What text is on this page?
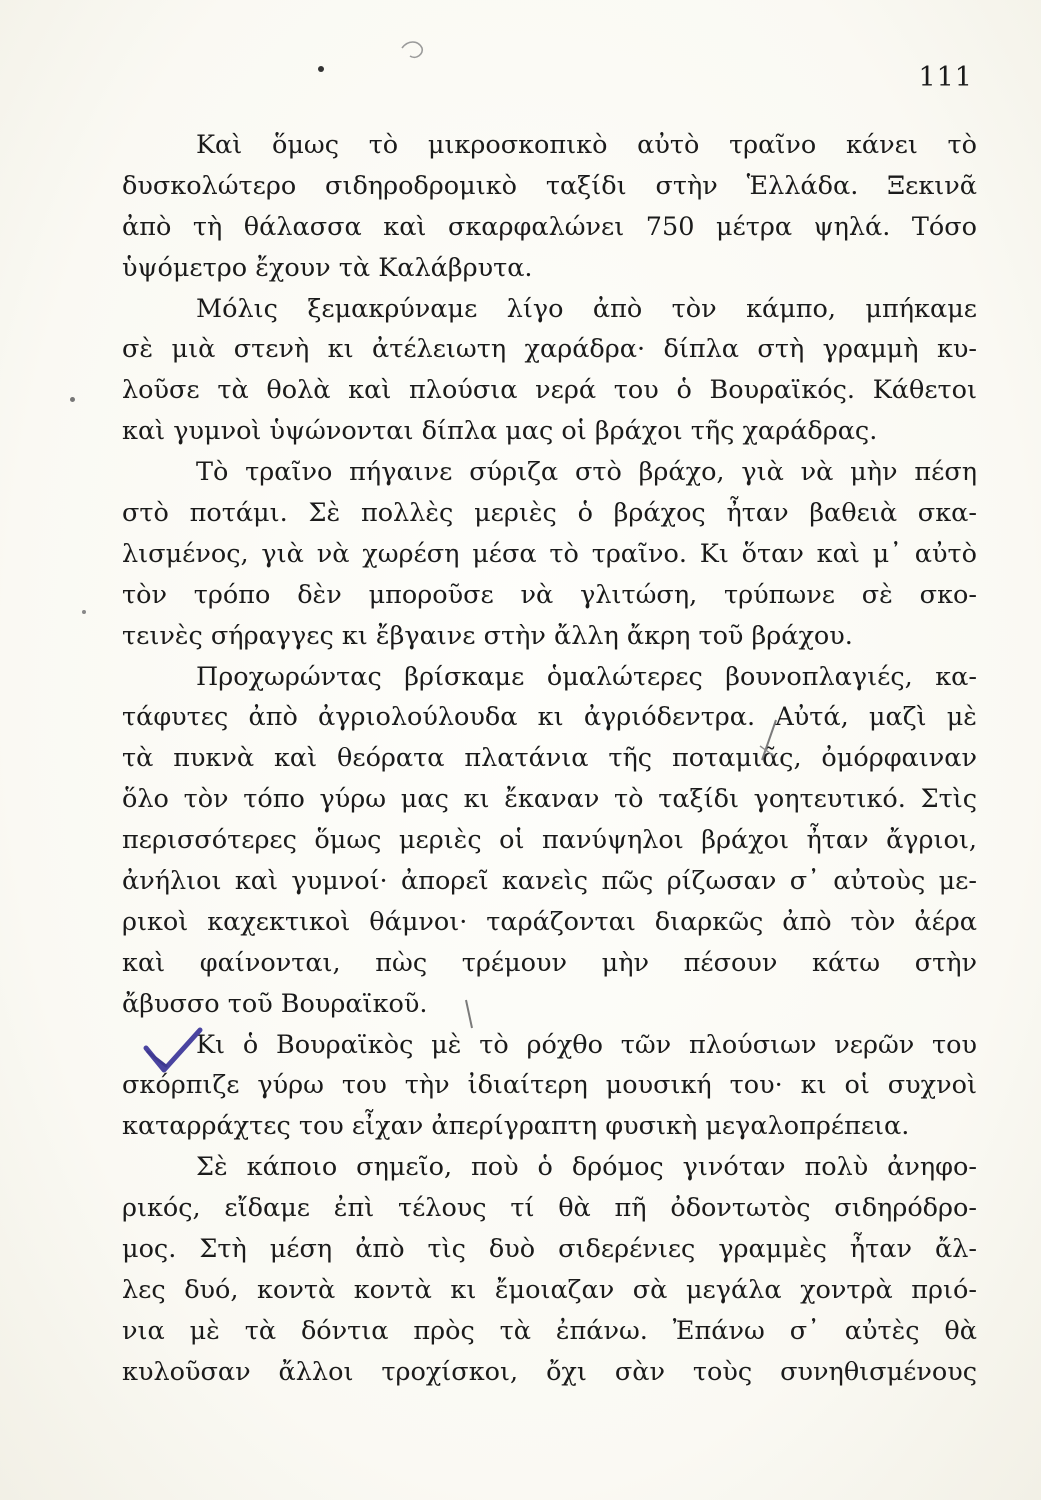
111
Καὶ ὅμως τὸ μικροσκοπικὸ αὐτὸ τραῖνο κάνει τὸ
δυσκολώτερο σιδηροδρομικὸ ταξίδι στὴν Ἑλλάδα. Ξεκινᾶ
ἀπὸ τὴ θάλασσα καὶ σκαρφαλώνει 750 μέτρα ψηλά. Τόσο
ὑψόμετρο ἔχουν τὰ Καλάβρυτα.
Μόλις ξεμακρύναμε λίγο ἀπὸ τὸν κάμπο, μπήκαμε
σὲ μιὰ στενὴ κι ἀτέλειωτη χαράδρα· δίπλα στὴ γραμμὴ κυ-
λοῦσε τὰ θολὰ καὶ πλούσια νερά του ὁ Βουραϊκός. Κάθετοι
καὶ γυμνοὶ ὑψώνονται δίπλα μας οἱ βράχοι τῆς χαράδρας.
Τὸ τραῖνο πήγαινε σύριζα στὸ βράχο, γιὰ νὰ μὴν πέση
στὸ ποτάμι. Σὲ πολλὲς μεριὲς ὁ βράχος ἦταν βαθειὰ σκα-
λισμένος, γιὰ νὰ χωρέση μέσα τὸ τραῖνο. Κι ὅταν καὶ μ᾿ αὐτὸ
τὸν τρόπο δὲν μποροῦσε νὰ γλιτώση, τρύπωνε σὲ σκο-
τεινὲς σήραγγες κι ἔβγαινε στὴν ἄλλη ἄκρη τοῦ βράχου.
Προχωρώντας βρίσκαμε ὁμαλώτερες βουνοπλαγιές, κα-
τάφυτες ἀπὸ ἀγριολούλουδα κι ἀγριόδεντρα. Αὐτά, μαζὶ μὲ
τὰ πυκνὰ καὶ θεόρατα πλατάνια τῆς ποταμιᾶς, ὀμόρφαιναν
ὅλο τὸν τόπο γύρω μας κι ἔκαναν τὸ ταξίδι γοητευτικό. Στὶς
περισσότερες ὅμως μεριὲς οἱ πανύψηλοι βράχοι ἦταν ἄγριοι,
ἀνήλιοι καὶ γυμνοί· ἀπορεῖ κανεὶς πῶς ρίζωσαν σ᾿ αὐτοὺς με-
ρικοὶ καχεκτικοὶ θάμνοι· ταράζονται διαρκῶς ἀπὸ τὸν ἀέρα
καὶ φαίνονται, πὼς τρέμουν μὴν πέσουν κάτω στὴν
ἄβυσσο τοῦ Βουραϊκοῦ.
Κι ὁ Βουραϊκὸς μὲ τὸ ρόχθο τῶν πλούσιων νερῶν του
σκόρπιζε γύρω του τὴν ἰδιαίτερη μουσική του· κι οἱ συχνοὶ
καταρράχτες του εἶχαν ἀπερίγραπτη φυσικὴ μεγαλοπρέπεια.
Σὲ κάποιο σημεῖο, ποὺ ὁ δρόμος γινόταν πολὺ ἀνηφο-
ρικός, εἴδαμε ἐπὶ τέλους τί θὰ πῆ ὀδοντωτὸς σιδηρόδρο-
μος. Στὴ μέση ἀπὸ τὶς δυὸ σιδερένιες γραμμὲς ἦταν ἄλ-
λες δυό, κοντὰ κοντὰ κι ἔμοιαζαν σὰ μεγάλα χοντρὰ πριό-
νια μὲ τὰ δόντια πρὸς τὰ ἐπάνω. Ἐπάνω σ᾿ αὐτὲς θὰ
κυλοῦσαν ἄλλοι τροχίσκοι, ὄχι σὰν τοὺς συνηθισμένους
